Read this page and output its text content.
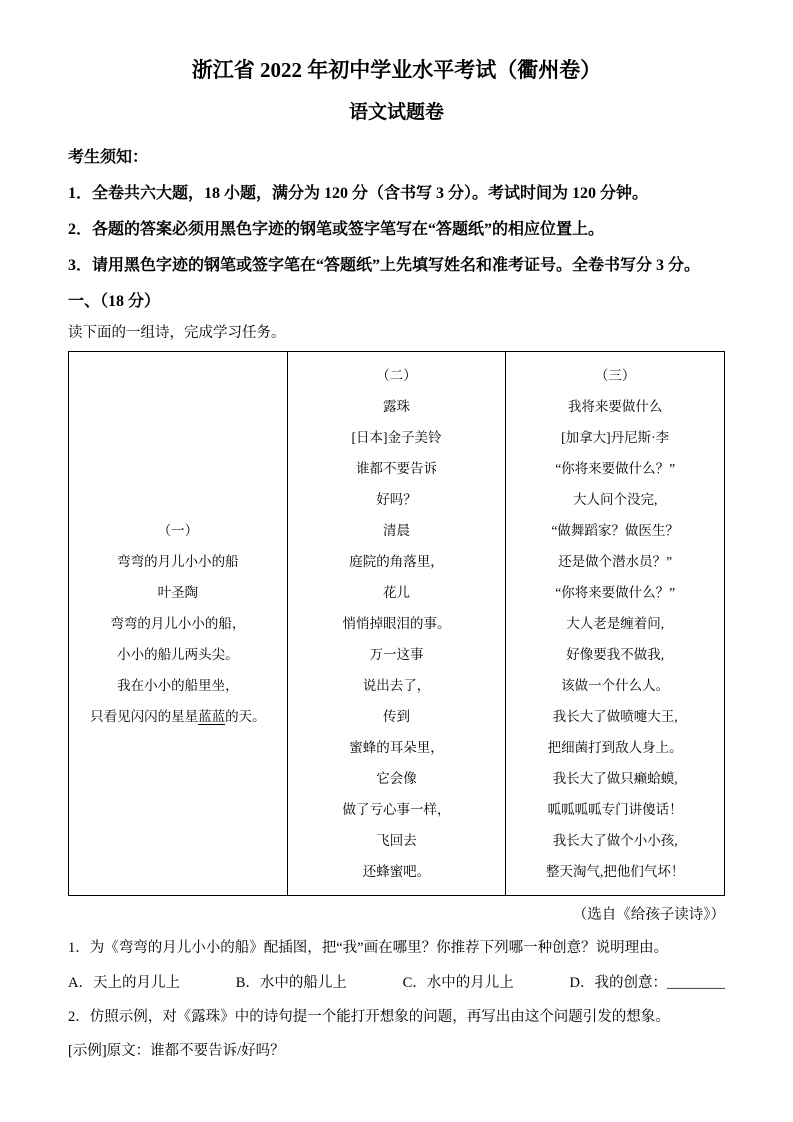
浙江省 2022 年初中学业水平考试（衢州卷）
语文试题卷
考生须知：
1．全卷共六大题，18 小题，满分为 120 分（含书写 3 分）。考试时间为 120 分钟。
2．各题的答案必须用黑色字迹的钢笔或签字笔写在“答题纸”的相应位置上。
3．请用黑色字迹的钢笔或签字笔在“答题纸”上先填写姓名和准考证号。全卷书写分 3 分。
一、（18 分）
读下面的一组诗，完成学习任务。
（一）
弯弯的月儿小小的船
叶圣陶
弯弯的月儿小小的船，
小小的船儿两头尖。
我在小小的船里坐，
只看见闪闪的星星蓝蓝的天。
（二）
露珠
[日本]金子美铃
谁都不要告诉
好吗？
清晨
庭院的角落里，
花儿
悄悄掉眼泪的事。
万一这事
说出去了，
传到
蜜蜂的耳朵里，
它会像
做了亏心事一样，
飞回去
还蜂蜜吧。
（三）
我将来要做什么
[加拿大]丹尼斯·李
“你将来要做什么？”
大人问个没完,
“做舞蹈家？做医生？
还是做个潜水员？”
“你将来要做什么？”
大人老是缠着问,
好像要我不做我,
该做一个什么人。
我长大了做喷嚏大王,
把细菌打到敌人身上。
我长大了做只癞蛤蟆,
呱呱呱呱专门讲傻话！
我长大了做个小小孩,
整天淘气,把他们气坏！
（选自《给孩子读诗》）
1．为《弯弯的月儿小小的船》配插图，把“我”画在哪里？你推荐下列哪一种创意？说明理由。
A．天上的月儿上	B．水中的船儿上	C．水中的月儿上	D．我的创意：________
2．仿照示例，对《露珠》中的诗句提一个能打开想象的问题，再写出由这个问题引发的想象。
[示例]原文：谁都不要告诉/好吗？
